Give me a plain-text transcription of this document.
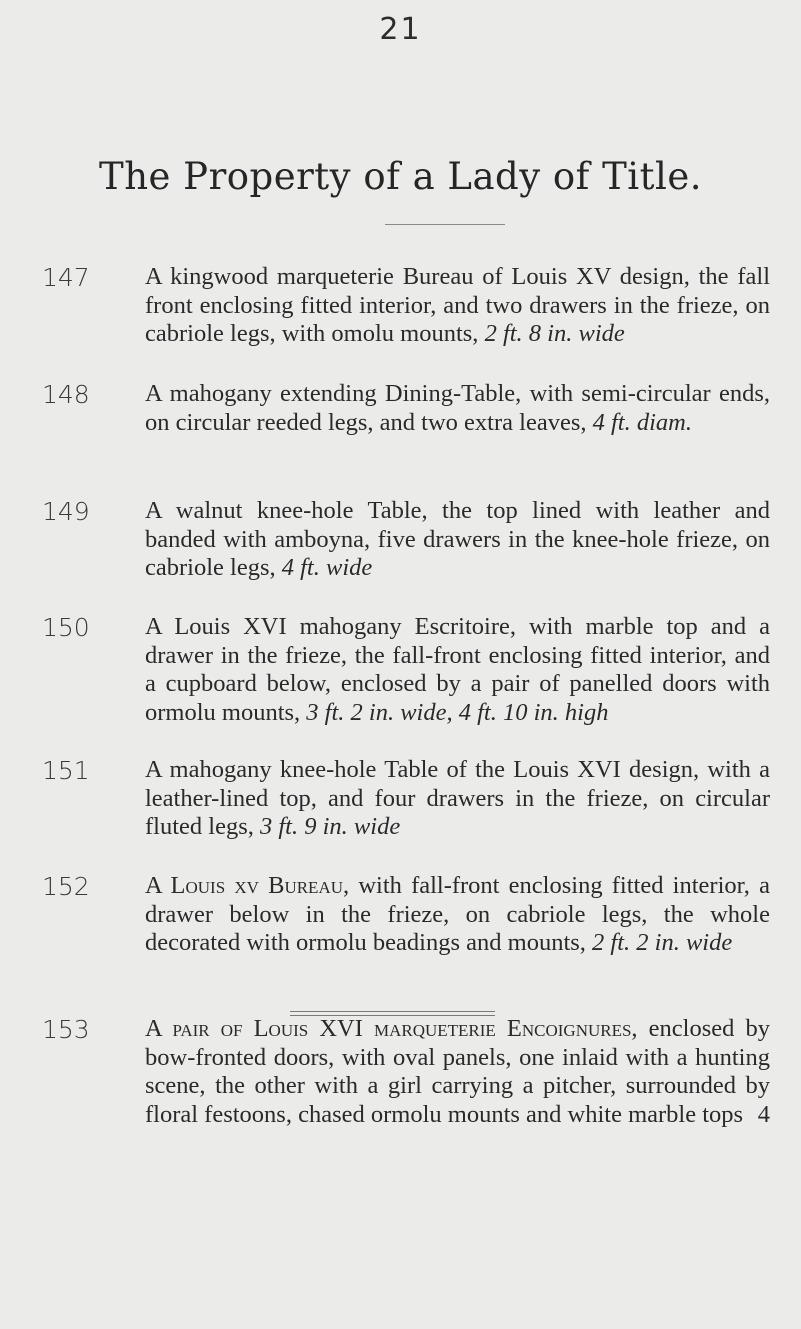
21
The Property of a Lady of Title.
147 A kingwood marqueterie Bureau of Louis XV design, the fall front enclosing fitted interior, and two drawers in the frieze, on cabriole legs, with omolu mounts, 2 ft. 8 in. wide
148 A mahogany extending Dining-Table, with semi-circular ends, on circular reeded legs, and two extra leaves, 4 ft. diam.
149 A walnut knee-hole Table, the top lined with leather and banded with amboyna, five drawers in the knee-hole frieze, on cabriole legs, 4 ft. wide
150 A Louis XVI mahogany Escritoire, with marble top and a drawer in the frieze, the fall-front enclosing fitted interior, and a cupboard below, enclosed by a pair of panelled doors with ormolu mounts, 3 ft. 2 in. wide, 4 ft. 10 in. high
151 A mahogany knee-hole Table of the Louis XVI design, with a leather-lined top, and four drawers in the frieze, on circular fluted legs, 3 ft. 9 in. wide
152 A Louis xv Bureau, with fall-front enclosing fitted interior, a drawer below in the frieze, on cabriole legs, the whole decorated with ormolu beadings and mounts, 2 ft. 2 in. wide
153 A pair of Louis XVI marqueterie Encoignures, enclosed by bow-fronted doors, with oval panels, one inlaid with a hunting scene, the other with a girl carrying a pitcher, surrounded by floral festoons, chased ormolu mounts and white marble tops 4
